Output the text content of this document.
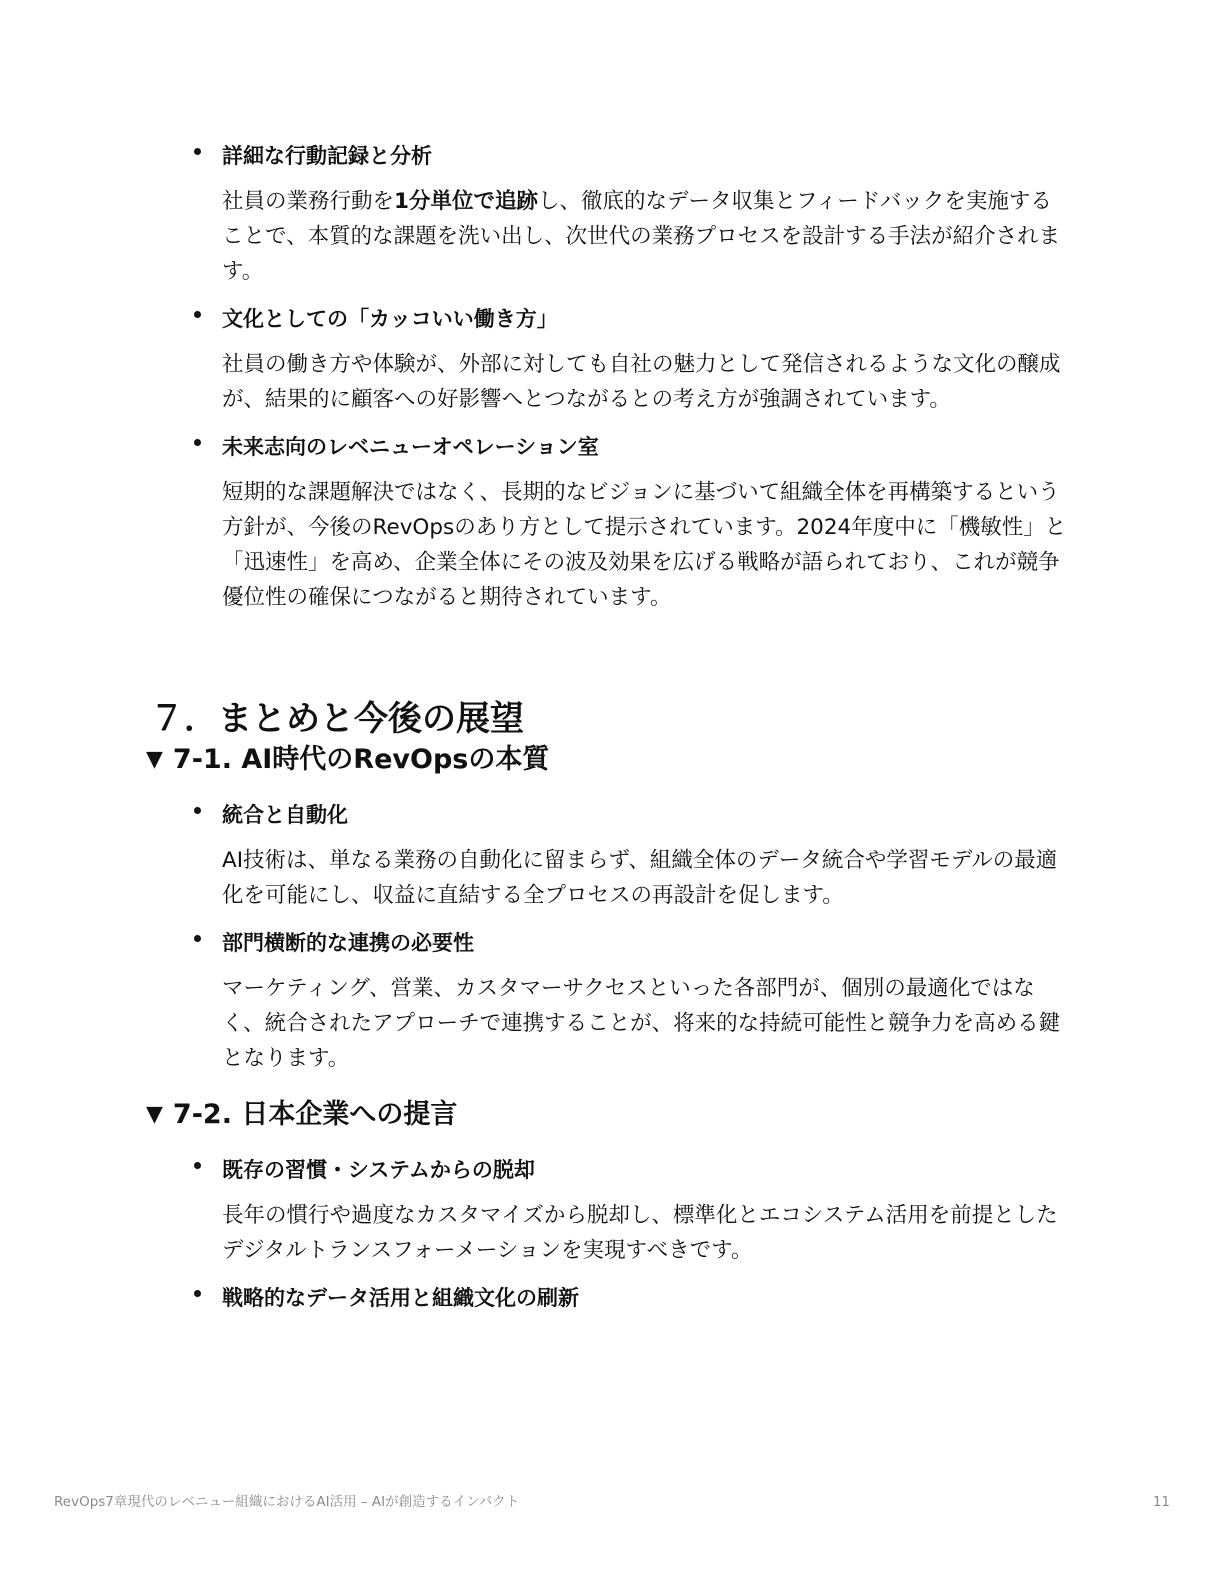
詳細な行動記録と分析

社員の業務行動を1分単位で追跡し、徹底的なデータ収集とフィードバックを実施することで、本質的な課題を洗い出し、次世代の業務プロセスを設計する手法が紹介されます。

文化としての「カッコいい働き方」

社員の働き方や体験が、外部に対しても自社の魅力として発信されるような文化の醸成が、結果的に顧客への好影響へとつながるとの考え方が強調されています。

未来志向のレベニューオペレーション室

短期的な課題解決ではなく、長期的なビジョンに基づいて組織全体を再構築するという方針が、今後のRevOpsのあり方として提示されています。2024年度中に「機敏性」と「迅速性」を高め、企業全体にその波及効果を広げる戦略が語られており、これが競争優位性の確保につながると期待されています。

７．まとめと今後の展望
▼ 7-1. AI時代のRevOpsの本質

統合と自動化

AI技術は、単なる業務の自動化に留まらず、組織全体のデータ統合や学習モデルの最適化を可能にし、収益に直結する全プロセスの再設計を促します。

部門横断的な連携の必要性

マーケティング、営業、カスタマーサクセスといった各部門が、個別の最適化ではなく、統合されたアプローチで連携することが、将来的な持続可能性と競争力を高める鍵となります。

▼ 7-2. 日本企業への提言

既存の習慣・システムからの脱却

長年の慣行や過度なカスタマイズから脱却し、標準化とエコシステム活用を前提としたデジタルトランスフォーメーションを実現すべきです。

戦略的なデータ活用と組織文化の刷新

RevOps7章現代のレベニュー組織におけるAI活用 – AIが創造するインパクト	11
